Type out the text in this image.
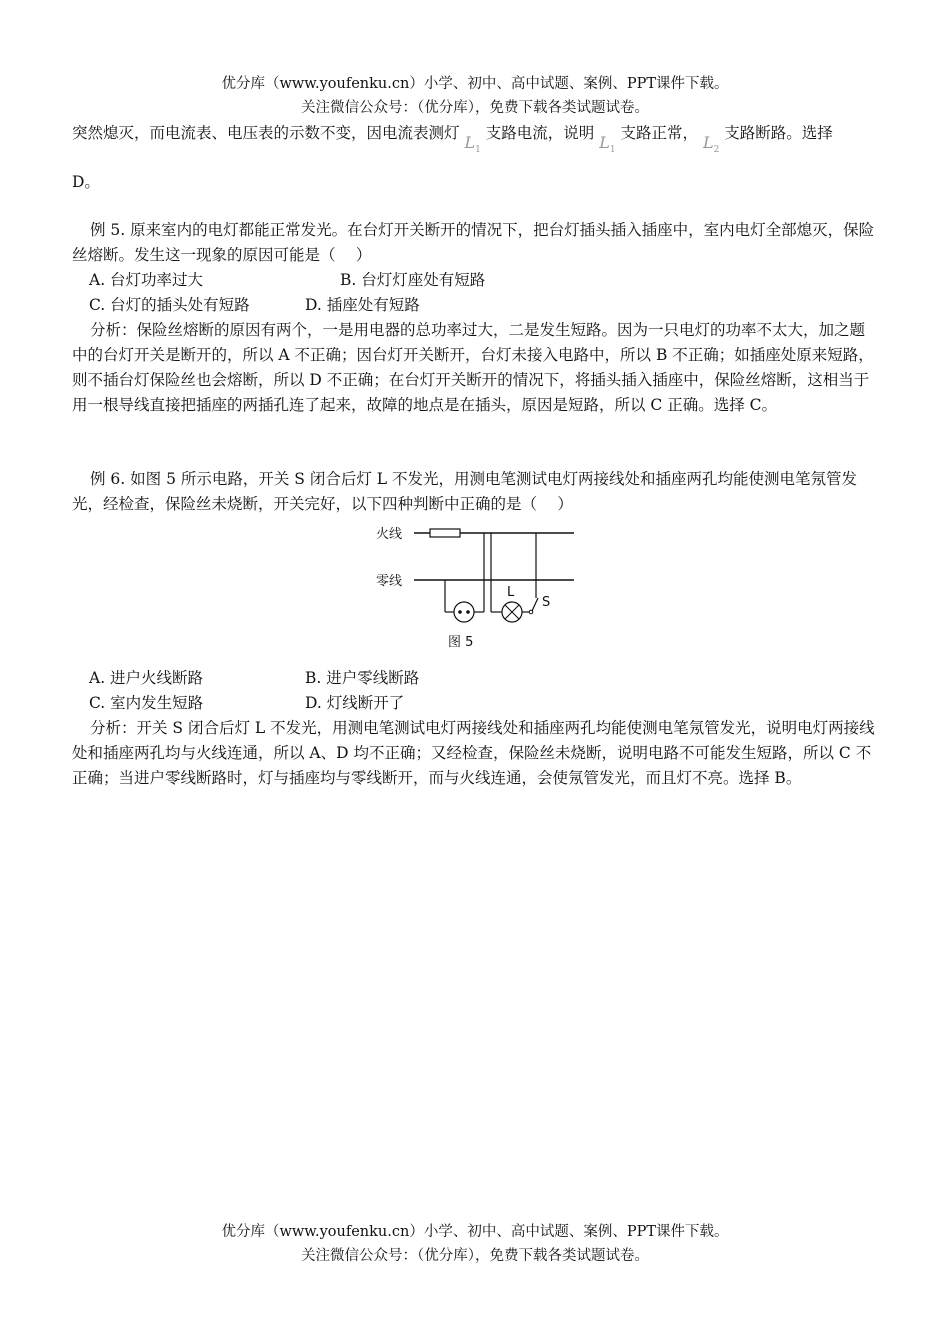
优分库（www.youfenku.cn）小学、初中、高中试题、案例、PPT课件下载。
关注微信公众号：（优分库），免费下载各类试题试卷。
突然熄灭，而电流表、电压表的示数不变，因电流表测灯 $L_1$ 支路电流，说明 $L_1$ 支路正常， $L_2$ 支路断路。选择
D。
例 5. 原来室内的电灯都能正常发光。在台灯开关断开的情况下，把台灯插头插入插座中，室内电灯全部熄灭，保险丝熔断。发生这一现象的原因可能是（　 ）
A. 台灯功率过大	B. 台灯灯座处有短路
C. 台灯的插头处有短路	D. 插座处有短路
分析：保险丝熔断的原因有两个，一是用电器的总功率过大，二是发生短路。因为一只电灯的功率不太大，加之题中的台灯开关是断开的，所以 A 不正确；因台灯开关断开，台灯未接入电路中，所以 B 不正确；如插座处原来短路，则不插台灯保险丝也会熔断，所以 D 不正确；在台灯开关断开的情况下，将插头插入插座中，保险丝熔断，这相当于用一根导线直接把插座的两插孔连了起来，故障的地点是在插头，原因是短路，所以 C 正确。选择 C。
例 6. 如图 5 所示电路，开关 S 闭合后灯 L 不发光，用测电笔测试电灯两接线处和插座两孔均能使测电笔氖管发光，经检查，保险丝未烧断，开关完好，以下四种判断中正确的是（　 ）
火线
零线
L
S
图 5
A. 进户火线断路	B. 进户零线断路
C. 室内发生短路	D. 灯线断开了
分析：开关 S 闭合后灯 L 不发光，用测电笔测试电灯两接线处和插座两孔均能使测电笔氖管发光，说明电灯两接线处和插座两孔均与火线连通，所以 A、D 均不正确；又经检查，保险丝未烧断，说明电路不可能发生短路，所以 C 不正确；当进户零线断路时，灯与插座均与零线断开，而与火线连通，会使氖管发光，而且灯不亮。选择 B。
优分库（www.youfenku.cn）小学、初中、高中试题、案例、PPT课件下载。
关注微信公众号：（优分库），免费下载各类试题试卷。
